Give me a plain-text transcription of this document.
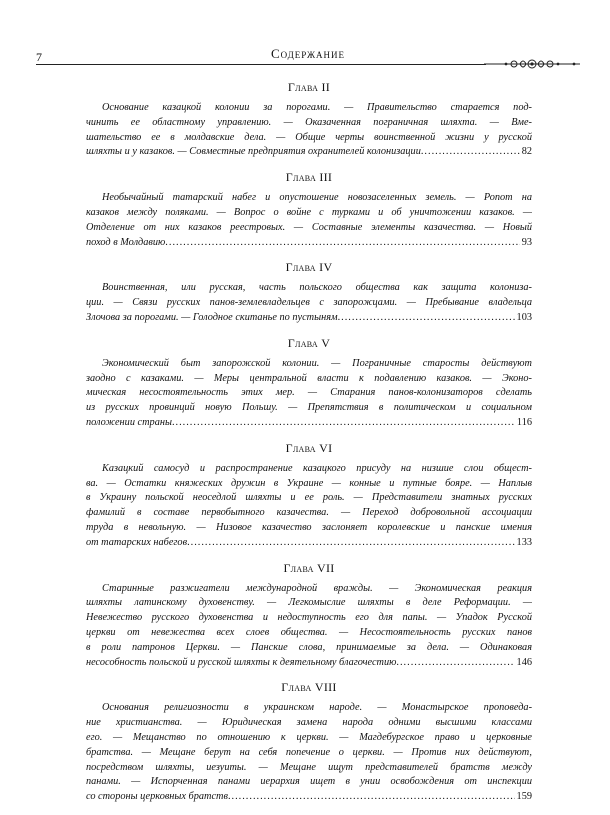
7	Содержание
Глава II
Основание казацкой колонии за порогами. — Правительство старается под-
чинить ее областному управлению. — Оказаченная пограничная шляхта. — Вме-
шательство ее в молдавские дела. — Общие черты воинственной жизни у русской
шляхты и у казаков. — Совместные предприятия охранителей колонизации .....	82
Глава III
Необычайный татарский набег и опустошение новозаселенных земель. — Ропот на
казаков между поляками. — Вопрос о войне с турками и об уничтожении казаков. —
Отделение от них казаков реестровых. — Составные элементы казачества. — Новый
поход в Молдавию .....	93
Глава IV
Воинственная, или русская, часть польского общества как защита колониза-
ции. — Связи русских панов-землевладельцев с запорожцами. — Пребывание владельца
Злочова за порогами. — Голодное скитанье по пустыням .....	103
Глава V
Экономический быт запорожской колонии. — Пограничные старосты действуют
заодно с казаками. — Меры центральной власти к подавлению казаков. — Эконо-
мическая несостоятельность этих мер. — Старания панов-колонизаторов сделать
из русских провинций новую Польшу. — Препятствия в политическом и социальном
положении страны .....	116
Глава VI
Казацкий самосуд и распространение казацкого присуду на низшие слои общест-
ва. — Остатки княжеских дружин в Украине — конные и путные бояре. — Наплыв
в Украину польской неоседлой шляхты и ее роль. — Представители знатных русских
фамилий в составе первобытного казачества. — Переход добровольной ассоциации
труда в невольную. — Низовое казачество заслоняет королевские и панские имения
от татарских набегов .....	133
Глава VII
Старинные разжигатели международной вражды. — Экономическая реакция
шляхты латинскому духовенству. — Легкомыслие шляхты в деле Реформации. —
Невежество русского духовенства и недоступность его для папы. — Упадок Русской
церкви от невежества всех слоев общества. — Несостоятельность русских панов
в роли патронов Церкви. — Панские слова, принимаемые за дела. — Одинаковая
несособность польской и русской шляхты к деятельному благочестию .....	146
Глава VIII
Основания религиозности в украинском народе. — Монастырское проповеда-
ние христианства. — Юридическая замена народа одними высшими классами
его. — Мещанство по отношению к церкви. — Магдебургское право и церковные
братства. — Мещане берут на себя попечение о церкви. — Против них действуют,
посредством шляхты, иезуиты. — Мещане ищут представителей братств между
панами. — Испорченная панами иерархия ищет в унии освобождения от инспекции
со стороны церковных братств .....	159
